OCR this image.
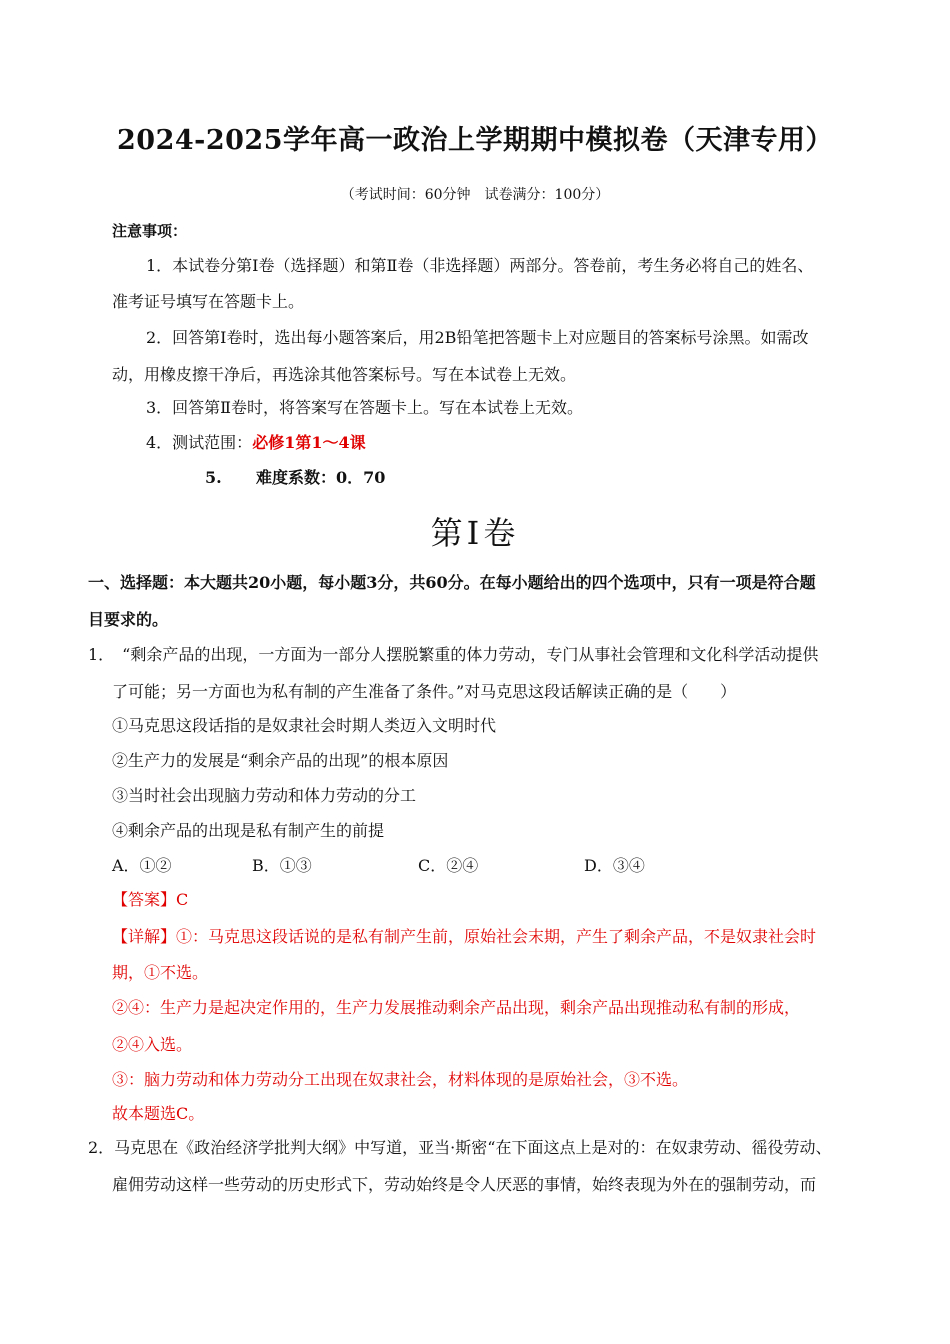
2024-2025学年高一政治上学期期中模拟卷（天津专用）
（考试时间：60分钟　试卷满分：100分）
注意事项：
1．本试卷分第Ⅰ卷（选择题）和第Ⅱ卷（非选择题）两部分。答卷前，考生务必将自己的姓名、
准考证号填写在答题卡上。
2．回答第Ⅰ卷时，选出每小题答案后，用2B铅笔把答题卡上对应题目的答案标号涂黑。如需改
动，用橡皮擦干净后，再选涂其他答案标号。写在本试卷上无效。
3．回答第Ⅱ卷时，将答案写在答题卡上。写在本试卷上无效。
4．测试范围：必修1第1～4课
5. 难度系数：0．70
第Ⅰ卷
一、选择题：本大题共20小题，每小题3分，共60分。在每小题给出的四个选项中，只有一项是符合题
目要求的。
1．　“剩余产品的出现，一方面为一部分人摆脱繁重的体力劳动，专门从事社会管理和文化科学活动提供
了可能；另一方面也为私有制的产生准备了条件。”对马克思这段话解读正确的是（　　）
①马克思这段话指的是奴隶社会时期人类迈入文明时代
②生产力的发展是“剩余产品的出现”的根本原因
③当时社会出现脑力劳动和体力劳动的分工
④剩余产品的出现是私有制产生的前提
A．①②	B．①③	C．②④	D．③④
【答案】C
【详解】①：马克思这段话说的是私有制产生前，原始社会末期，产生了剩余产品，不是奴隶社会时
期，①不选。
②④：生产力是起决定作用的，生产力发展推动剩余产品出现，剩余产品出现推动私有制的形成，
②④入选。
③：脑力劳动和体力劳动分工出现在奴隶社会，材料体现的是原始社会，③不选。
故本题选C。
2．马克思在《政治经济学批判大纲》中写道，亚当·斯密“在下面这点上是对的：在奴隶劳动、徭役劳动、
雇佣劳动这样一些劳动的历史形式下，劳动始终是令人厌恶的事情，始终表现为外在的强制劳动，而
